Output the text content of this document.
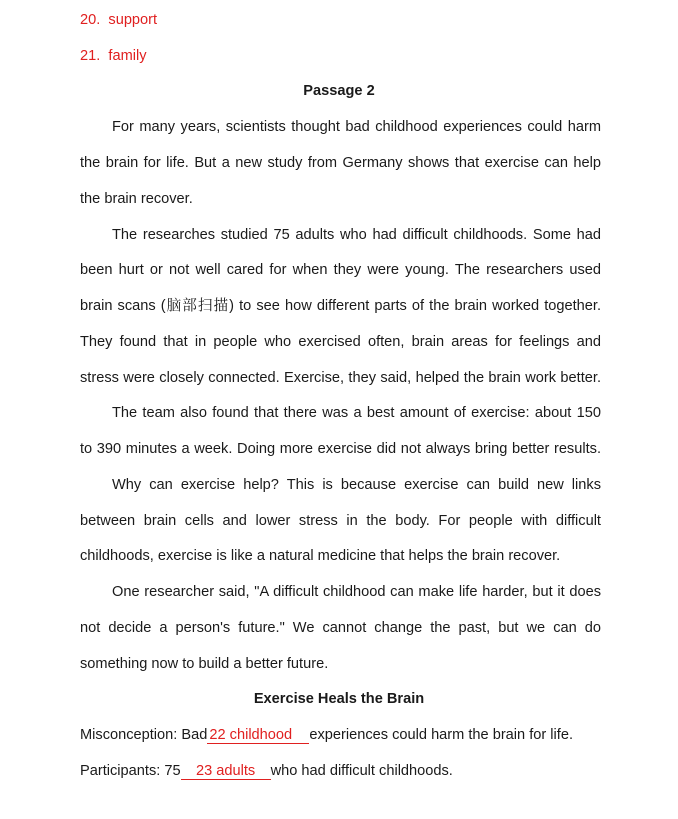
20. support
21. family
Passage 2
For many years, scientists thought bad childhood experiences could harm
the brain for life. But a new study from Germany shows that exercise can help
the brain recover.
The researches studied 75 adults who had difficult childhoods. Some had
been hurt or not well cared for when they were young. The researchers used
brain scans (脑部扫描) to see how different parts of the brain worked together.
They found that in people who exercised often, brain areas for feelings and
stress were closely connected. Exercise, they said, helped the brain work better.
The team also found that there was a best amount of exercise: about 150
to 390 minutes a week. Doing more exercise did not always bring better results.
Why can exercise help? This is because exercise can build new links
between brain cells and lower stress in the body. For people with difficult
childhoods, exercise is like a natural medicine that helps the brain recover.
One researcher said, "A difficult childhood can make life harder, but it does
not decide a person's future." We cannot change the past, but we can do
something now to build a better future.
Exercise Heals the Brain
Misconception: Bad 22 childhood experiences could harm the brain for life.
Participants: 75 23 adults who had difficult childhoods.
